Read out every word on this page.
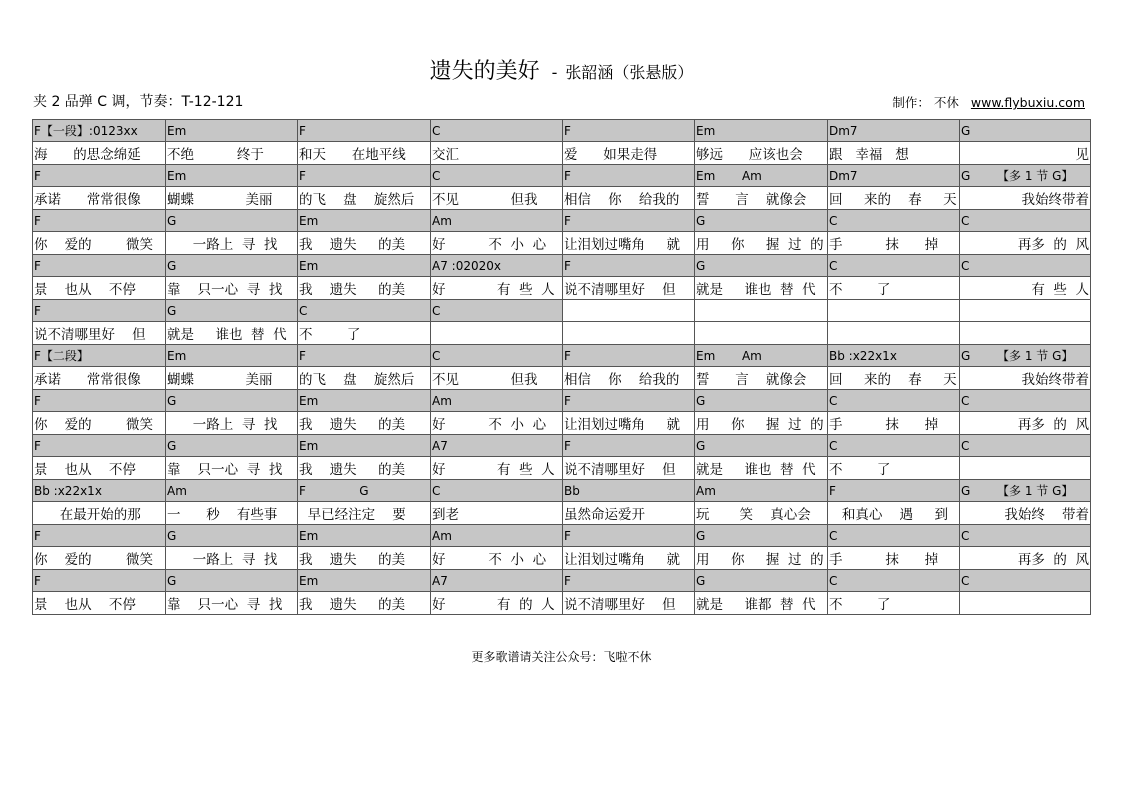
遗失的美好 - 张韶涵（张悬版）
夹 2 品弹 C 调，节奏：T-12-121	制作： 不休 www.flybuxiu.com
F【一段】:0123xx	Em	F	C	F	Em	Dm7	G
海      的思念绵延	不绝          终于	和天      在地平线	交汇	爱      如果走得	够远      应该也会	跟   幸福   想	见
F	Em	F	C	F	Em       Am	Dm7	G       【多 1 节 G】
承诺      常常很像	蝴蝶            美丽	的飞    盘    旋然后	不见            但我	相信    你    给我的	誓      言    就像会	回     来的    春     天	我始终带着
F	G	Em	Am	F	G	C	C
你    爱的        微笑	一路上  寻  找	我    遗失     的美	好          不  小  心	让泪划过嘴角     就	用     你     握  过  的	手          抹      掉	再多  的  风
F	G	Em	A7 :02020x	F	G	C	C
景    也从    不停	靠    只一心  寻  找	我    遗失     的美	好            有  些  人	说不清哪里好    但	就是     谁也  替  代	不        了	有  些  人
F	G	C	C				
说不清哪里好    但	就是     谁也  替  代	不        了					
F【二段】	Em	F	C	F	Em       Am	Bb :x22x1x	G       【多 1 节 G】
承诺      常常很像	蝴蝶            美丽	的飞    盘    旋然后	不见            但我	相信    你    给我的	誓      言    就像会	回     来的    春     天	我始终带着
F	G	Em	Am	F	G	C	C
你    爱的        微笑	一路上  寻  找	我    遗失     的美	好          不  小  心	让泪划过嘴角     就	用     你     握  过  的	手          抹      掉	再多  的  风
F	G	Em	A7	F	G	C	C
景    也从    不停	靠    只一心  寻  找	我    遗失     的美	好            有  些  人	说不清哪里好    但	就是     谁也  替  代	不        了	
Bb :x22x1x	Am	F              G	C	Bb	Am	F	G       【多 1 节 G】
在最开始的那	一      秒    有些事	早已经注定    要	到老	虽然命运爱开	玩       笑    真心会	和真心    遇     到	我始终    带着
F	G	Em	Am	F	G	C	C
你    爱的        微笑	一路上  寻  找	我    遗失     的美	好          不  小  心	让泪划过嘴角     就	用     你     握  过  的	手          抹      掉	再多  的  风
F	G	Em	A7	F	G	C	C
景    也从    不停	靠    只一心  寻  找	我    遗失     的美	好            有  的  人	说不清哪里好    但	就是     谁都  替  代	不        了	
更多歌谱请关注公众号：飞啦不休
